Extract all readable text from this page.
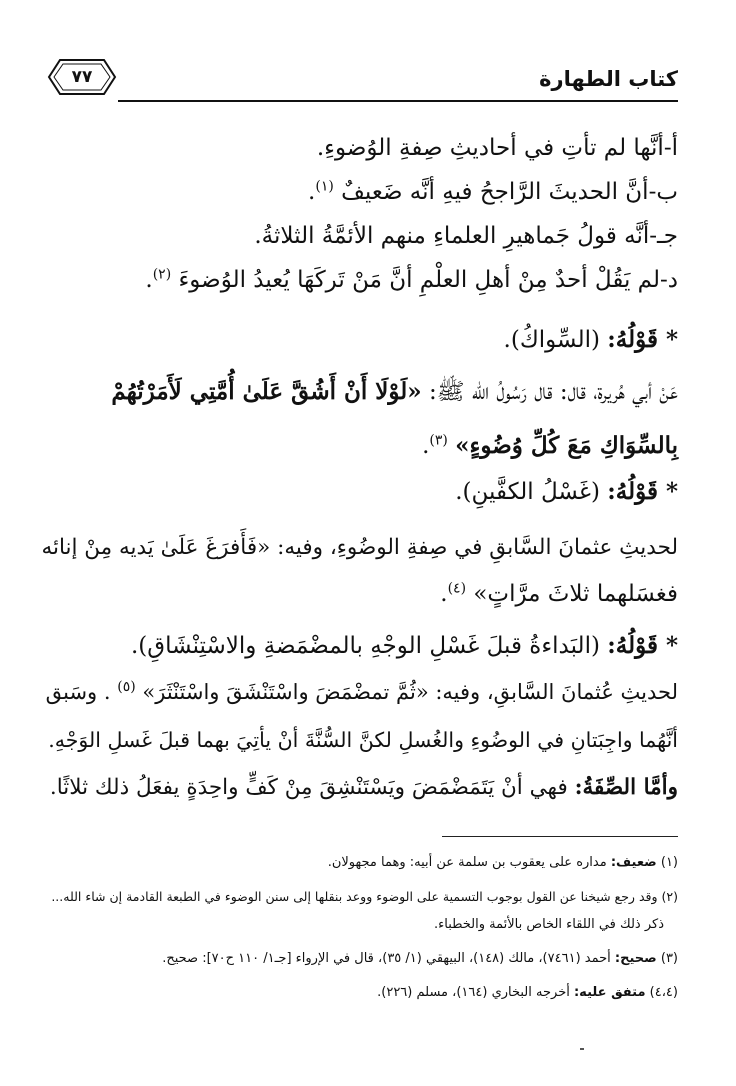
كتاب الطهارة
٧٧
أ-أنَّها لم تأتِ في أحاديثِ صِفةِ الوُضوءِ.
ب-أنَّ الحديثَ الرَّاجحُ فيهِ أنَّه ضَعيفٌ $^{(١)}$.
جـ-أنَّه قولُ جَماهيرِ العلماءِ منهم الأئمَّةُ الثلاثةُ.
د-لم يَقُلْ أحدٌ مِنْ أهلِ العلْمِ أنَّ مَنْ تَركَهَا يُعيدُ الوُضوءَ $^{(٢)}$.
* قَوْلُهُ: (السِّواكُ).
عَنْ أبي هُريرة، قال: قال رَسُولُ الله ﷺ: «لَوْلَا أَنْ أَشُقَّ عَلَىٰ أُمَّتِي لَأَمَرْتُهُمْ
بِالسِّوَاكِ مَعَ كُلِّ وُضُوءٍ» $^{(٣)}$.
* قَوْلُهُ: (غَسْلُ الكفَّينِ).
لحديثِ عثمانَ السَّابقِ في صِفةِ الوضُوءِ، وفيه: «فَأَفرَغَ عَلَىٰ يَديه مِنْ إنائه
فغسَلهما ثلاثَ مرَّاتٍ» $^{(٤)}$.
* قَوْلُهُ: (البَداءةُ قبلَ غَسْلِ الوجْهِ بالمضْمَضةِ والاسْتِنْشَاقِ).
لحديثِ عُثمانَ السَّابقِ، وفيه: «ثُمَّ تمضْمَضَ واسْتَنْشَقَ واسْتَنْثَرَ» $^{(٥)}$ . وسَبق
أنَّهُما واجِبَتانِ في الوضُوءِ والغُسلِ لكنَّ السُّنَّةَ أنْ يأتِيَ بهما قبلَ غَسلِ الوَجْهِ.
وأمَّا الصِّفَةُ: فهي أنْ يَتَمَضْمَضَ ويَسْتَنْشِقَ مِنْ كَفٍّ واحِدَةٍ يفعَلُ ذلك ثلاثًا.
(١) ضعيف: مداره على يعقوب بن سلمة عن أبيه: وهما مجهولان.
(٢) وقد رجع شيخنا عن القول بوجوب التسمية على الوضوء ووعد بنقلها إلى سنن الوضوء في الطبعة القادمة إن شاء الله...
ذكر ذلك في اللقاء الخاص بالأئمة والخطباء.
(٣) صحيح: أحمد (٧٤٦١)، مالك (١٤٨)، البيهقي (١/ ٣٥)، قال في الإرواء [جـ١/ ١١٠ ح٧٠]: صحيح.
(٤،٤) متفق عليه: أخرجه البخاري (١٦٤)، مسلم (٢٢٦).
